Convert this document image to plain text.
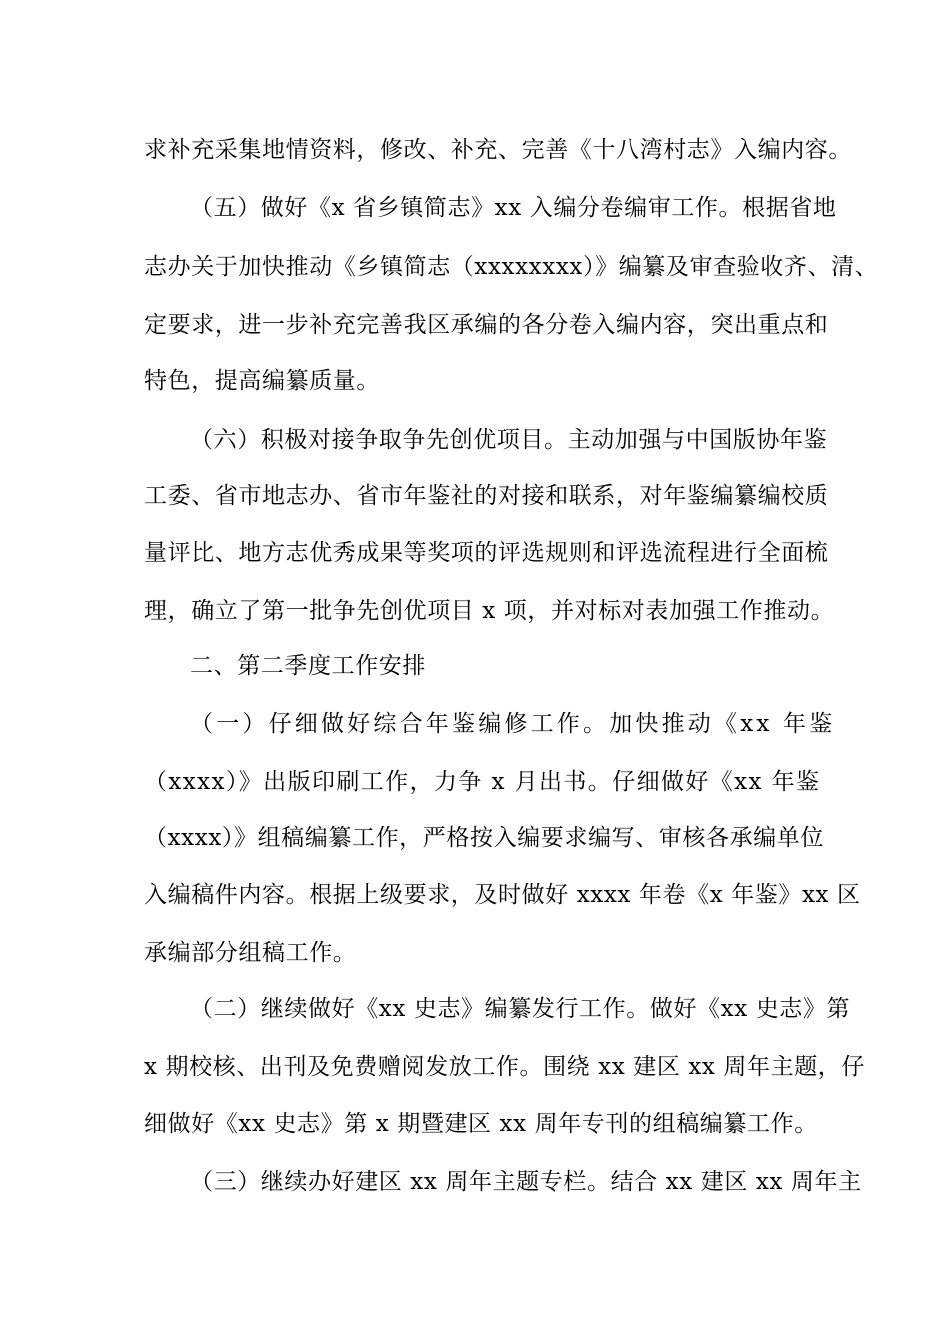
求补充采集地情资料，修改、补充、完善《十八湾村志》入编内容。
（五）做好《x 省乡镇简志》xx 入编分卷编审工作。根据省地
志办关于加快推动《乡镇简志（xxxxxxxx）》编纂及审查验收齐、清、
定要求，进一步补充完善我区承编的各分卷入编内容，突出重点和
特色，提高编纂质量。
（六）积极对接争取争先创优项目。主动加强与中国版协年鉴
工委、省市地志办、省市年鉴社的对接和联系，对年鉴编纂编校质
量评比、地方志优秀成果等奖项的评选规则和评选流程进行全面梳
理，确立了第一批争先创优项目 x 项，并对标对表加强工作推动。
二、第二季度工作安排
（一）仔细做好综合年鉴编修工作。加快推动《xx 年鉴
（xxxx）》出版印刷工作，力争 x 月出书。仔细做好《xx 年鉴
（xxxx）》组稿编纂工作，严格按入编要求编写、审核各承编单位
入编稿件内容。根据上级要求，及时做好 xxxx 年卷《x 年鉴》xx 区
承编部分组稿工作。
（二）继续做好《xx 史志》编纂发行工作。做好《xx 史志》第
x 期校核、出刊及免费赠阅发放工作。围绕 xx 建区 xx 周年主题，仔
细做好《xx 史志》第 x 期暨建区 xx 周年专刊的组稿编纂工作。
（三）继续办好建区 xx 周年主题专栏。结合 xx 建区 xx 周年主
